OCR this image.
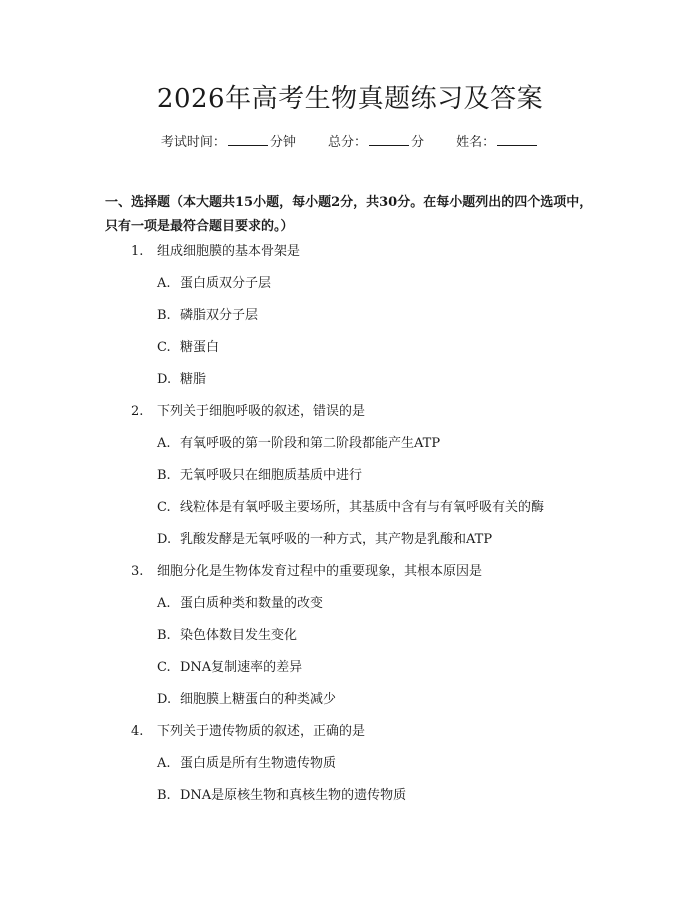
2026年高考生物真题练习及答案
考试时间：	分钟 总分：	分 姓名：
一、选择题（本大题共15小题，每小题2分，共30分。在每小题列出的四个选项中，只有一项是最符合题目要求的。）
1. 组成细胞膜的基本骨架是
A. 蛋白质双分子层
B. 磷脂双分子层
C. 糖蛋白
D. 糖脂
2. 下列关于细胞呼吸的叙述，错误的是
A. 有氧呼吸的第一阶段和第二阶段都能产生ATP
B. 无氧呼吸只在细胞质基质中进行
C. 线粒体是有氧呼吸主要场所，其基质中含有与有氧呼吸有关的酶
D. 乳酸发酵是无氧呼吸的一种方式，其产物是乳酸和ATP
3. 细胞分化是生物体发育过程中的重要现象，其根本原因是
A. 蛋白质种类和数量的改变
B. 染色体数目发生变化
C. DNA复制速率的差异
D. 细胞膜上糖蛋白的种类减少
4. 下列关于遗传物质的叙述，正确的是
A. 蛋白质是所有生物遗传物质
B. DNA是原核生物和真核生物的遗传物质
